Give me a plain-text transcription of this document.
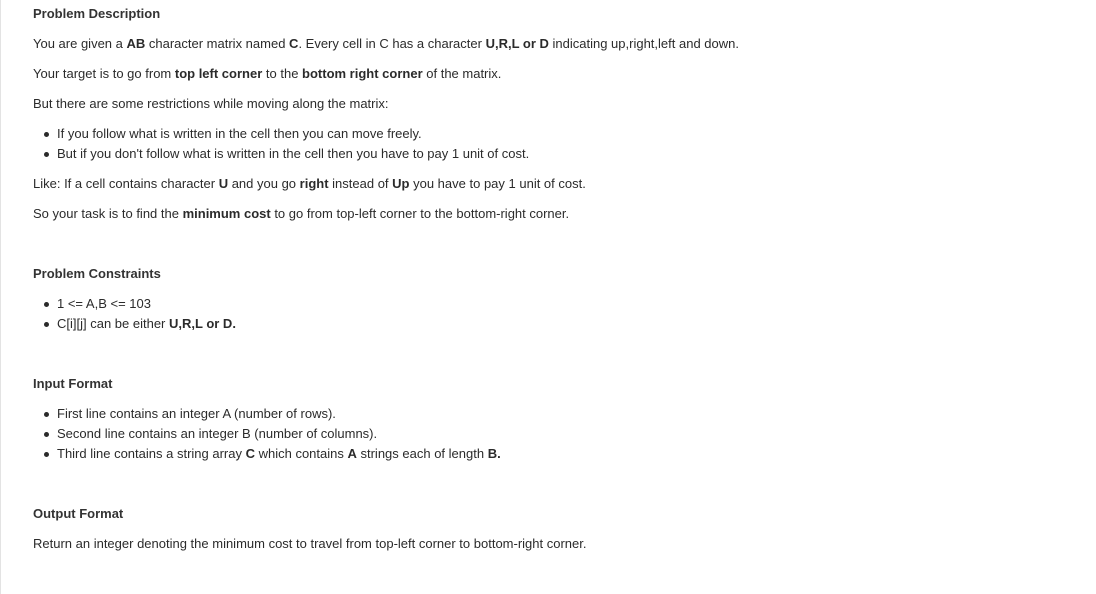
Problem Description
You are given a AB character matrix named C. Every cell in C has a character U,R,L or D indicating up,right,left and down.
Your target is to go from top left corner to the bottom right corner of the matrix.
But there are some restrictions while moving along the matrix:
If you follow what is written in the cell then you can move freely.
But if you don't follow what is written in the cell then you have to pay 1 unit of cost.
Like: If a cell contains character U and you go right instead of Up you have to pay 1 unit of cost.
So your task is to find the minimum cost to go from top-left corner to the bottom-right corner.
Problem Constraints
1 <= A,B <= 103
C[i][j] can be either U,R,L or D.
Input Format
First line contains an integer A (number of rows).
Second line contains an integer B (number of columns).
Third line contains a string array C which contains A strings each of length B.
Output Format
Return an integer denoting the minimum cost to travel from top-left corner to bottom-right corner.
